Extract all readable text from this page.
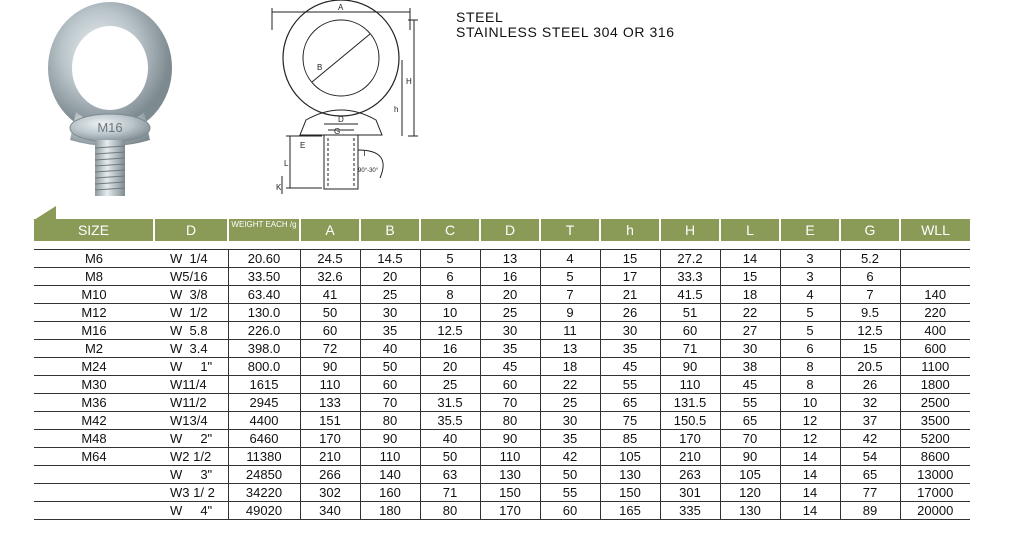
M16
A
B
H
h
D
G
E
L
K
T
90°-30°
STEEL
STAINLESS STEEL 304 OR 316
SIZE	D	WEIGHT EACH /g	A	B	C	D	T	h	H	L	E	G	WLL

M6	W  1/4	20.60	24.5	14.5	5	13	4	15	27.2	14	3	5.2	
M8	W5/16	33.50	32.6	20	6	16	5	17	33.3	15	3	6	
M10	W  3/8	63.40	41	25	8	20	7	21	41.5	18	4	7	140
M12	W  1/2	130.0	50	30	10	25	9	26	51	22	5	9.5	220
M16	W  5.8	226.0	60	35	12.5	30	11	30	60	27	5	12.5	400
M2	W  3.4	398.0	72	40	16	35	13	35	71	30	6	15	600
M24	W     1"	800.0	90	50	20	45	18	45	90	38	8	20.5	1100
M30	W11/4	1615	110	60	25	60	22	55	110	45	8	26	1800
M36	W11/2	2945	133	70	31.5	70	25	65	131.5	55	10	32	2500
M42	W13/4	4400	151	80	35.5	80	30	75	150.5	65	12	37	3500
M48	W     2"	6460	170	90	40	90	35	85	170	70	12	42	5200
M64	W2 1/2	11380	210	110	50	110	42	105	210	90	14	54	8600
	W     3"	24850	266	140	63	130	50	130	263	105	14	65	13000
	W3 1/ 2	34220	302	160	71	150	55	150	301	120	14	77	17000
	W     4"	49020	340	180	80	170	60	165	335	130	14	89	20000
